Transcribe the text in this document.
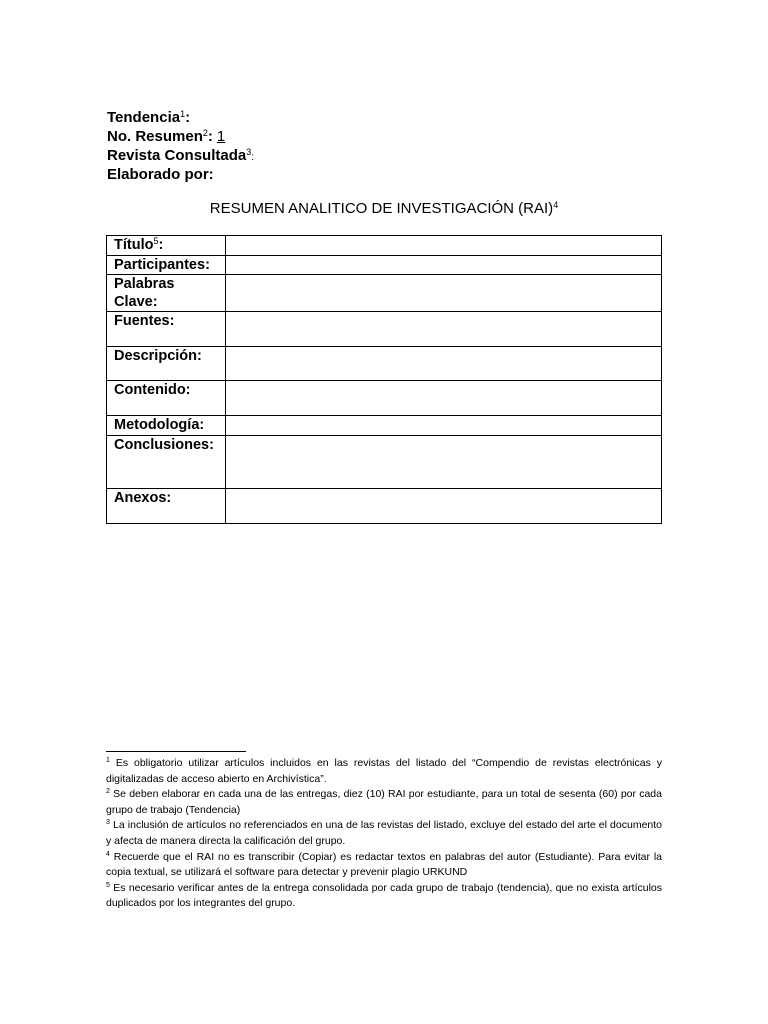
Tendencia$^1$:
No. Resumen$^2$: 1
Revista Consultada$^3$:
Elaborado por:
RESUMEN ANALITICO DE INVESTIGACIÓN (RAI)$^4$
Título$^5$:	
Participantes:	
Palabras Clave:	
Fuentes:	
Descripción:	
Contenido:	
Metodología:	
Conclusiones:	
Anexos:	

$^1$ Es obligatorio utilizar artículos incluidos en las revistas del listado del “Compendio de revistas electrónicas y digitalizadas de acceso abierto en Archivística”.

$^2$ Se deben elaborar en cada una de las entregas, diez (10) RAI por estudiante, para un total de sesenta (60) por cada grupo de trabajo (Tendencia)

$^3$ La inclusión de artículos no referenciados en una de las revistas del listado, excluye del estado del arte el documento y afecta de manera directa la calificación del grupo.

$^4$ Recuerde que el RAI no es transcribir (Copiar) es redactar textos en palabras del autor (Estudiante). Para evitar la copia textual, se utilizará el software para detectar y prevenir plagio URKUND

$^5$ Es necesario verificar antes de la entrega consolidada por cada grupo de trabajo (tendencia), que no exista artículos duplicados por los integrantes del grupo.
